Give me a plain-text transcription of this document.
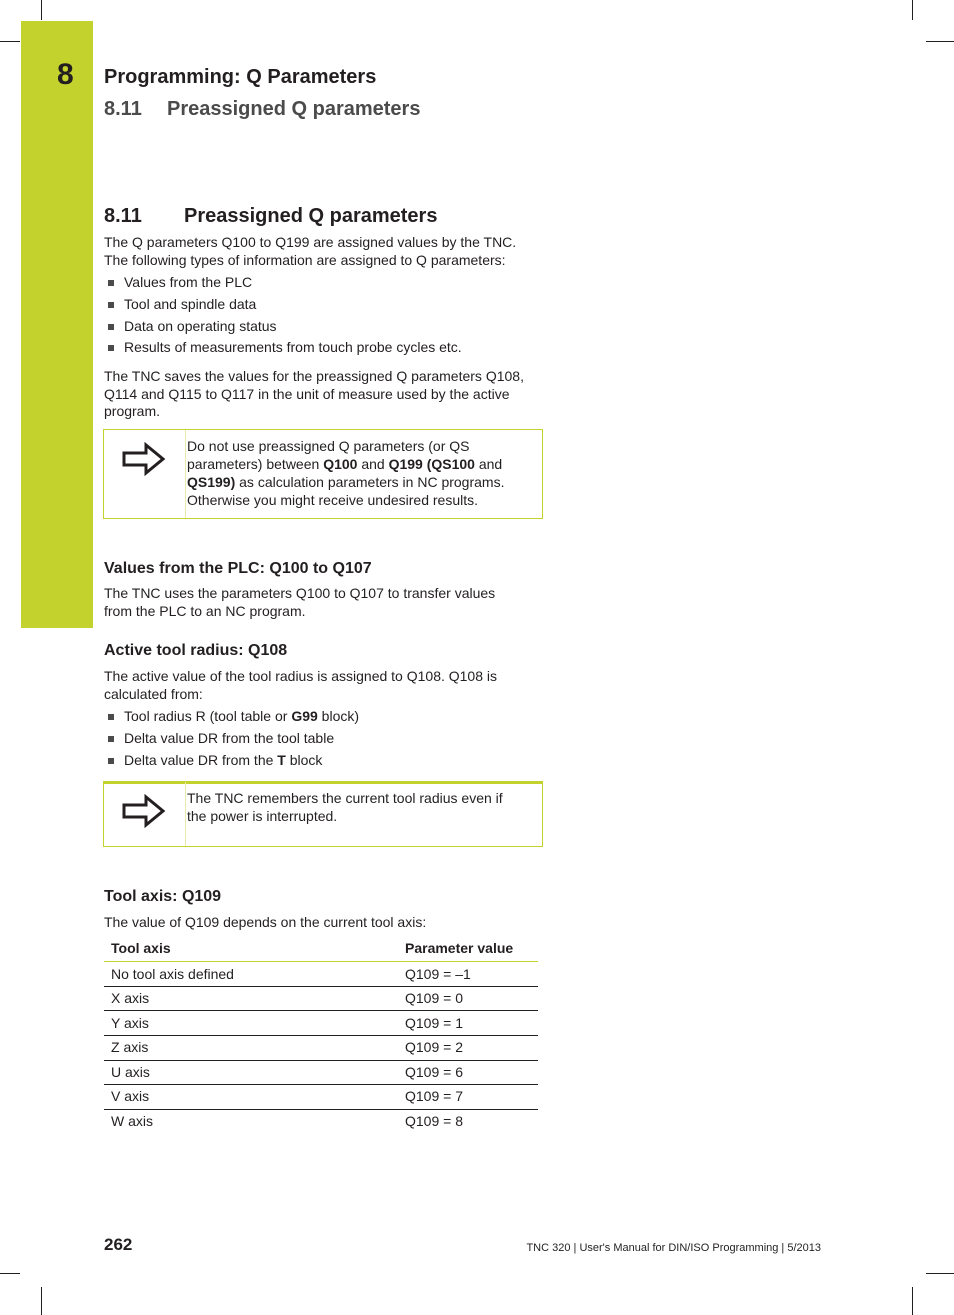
8 Programming: Q Parameters
8.11 Preassigned Q parameters
8.11 Preassigned Q parameters
The Q parameters Q100 to Q199 are assigned values by the TNC.
The following types of information are assigned to Q parameters:
Values from the PLC
Tool and spindle data
Data on operating status
Results of measurements from touch probe cycles etc.
The TNC saves the values for the preassigned Q parameters Q108,
Q114 and Q115 to Q117 in the unit of measure used by the active
program.
Do not use preassigned Q parameters (or QS
parameters) between Q100 and Q199 (QS100 and
QS199) as calculation parameters in NC programs.
Otherwise you might receive undesired results.
Values from the PLC: Q100 to Q107
The TNC uses the parameters Q100 to Q107 to transfer values
from the PLC to an NC program.
Active tool radius: Q108
The active value of the tool radius is assigned to Q108. Q108 is
calculated from:
Tool radius R (tool table or G99 block)
Delta value DR from the tool table
Delta value DR from the T block
The TNC remembers the current tool radius even if
the power is interrupted.
Tool axis: Q109
The value of Q109 depends on the current tool axis:
Tool axis	Parameter value
No tool axis defined	Q109 = –1
X axis	Q109 = 0
Y axis	Q109 = 1
Z axis	Q109 = 2
U axis	Q109 = 6
V axis	Q109 = 7
W axis	Q109 = 8
262	TNC 320 | User's Manual for DIN/ISO Programming | 5/2013
